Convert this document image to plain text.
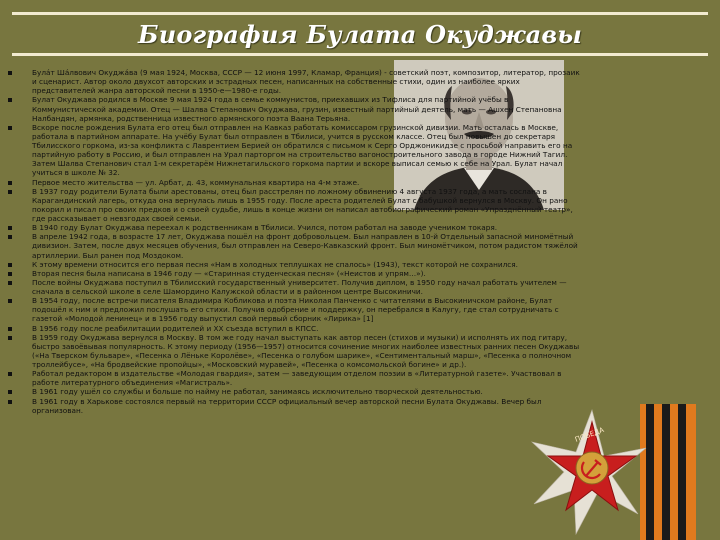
Биография Булата Окуджавы
Була́т Ша́лвович Окуджа́ва (9 мая 1924, Москва, СССР — 12 июня 1997, Кламар, Франция) - советский поэт, композитор, литератор, прозаик и сценарист. Автор около двухсот авторских и эстрадных песен, написанных на собственные стихи, один из наиболее ярких представителей жанра авторской песни в 1950-е—1980-е годы.
Булат Окуджава родился в Москве 9 мая 1924 года в семье коммунистов, приехавших из Тифлиса для партийной учёбы в Коммунистической академии. Отец — Шалва Степанович Окуджава, грузин, известный партийный деятель, мать — Ашхен Степановна Налбандян, армянка, родственница известного армянского поэта Ваана Терьяна.
Вскоре после рождения Булата его отец был отправлен на Кавказ работать комиссаром грузинской дивизии. Мать осталась в Москве, работала в партийном аппарате. На учёбу Булат был отправлен в Тбилиси, учится в русском классе. Отец был повышен до секретаря Тбилисского горкома, из-за конфликта с Лаврентием Берией он обратился с письмом к Серго Орджоникидзе с просьбой направить его на партийную работу в Россию, и был отправлен на Урал парторгом на строительство вагоностроительного завода в городе Нижний Тагил. Затем Шалва Степанович стал 1-м секретарём Нижнетагильского горкома партии и вскоре выписал семью к себе на Урал. Булат начал учиться в школе № 32.
Первое место жительства — ул. Арбат, д. 43, коммунальная квартира на 4-м этаже.
В 1937 году родители Булата были арестованы, отец был расстрелян по ложному обвинению 4 августа 1937 года, а мать сослана в Карагандинский лагерь, откуда она вернулась лишь в 1955 году. После ареста родителей Булат с бабушкой вернулся в Москву. Он рано покорил и писал про своих предков и о своей судьбе, лишь в конце жизни он написал автобиографический роман «Упразднённый театр», где рассказывает о невзгодах своей семьи.
В 1940 году Булат Окуджава переехал к родственникам в Тбилиси. Учился, потом работал на заводе учеником токаря.
В апреле 1942 года, в возрасте 17 лет, Окуджава пошёл на фронт добровольцем. Был направлен в 10-й Отдельный запасной миномётный дивизион. Затем, после двух месяцев обучения, был отправлен на Северо-Кавказский фронт. Был миномётчиком, потом радистом тяжёлой артиллерии. Был ранен под Моздоком.
К этому времени относится его первая песня «Нам в холодных теплушках не спалось» (1943), текст которой не сохранился.
Вторая песня была написана в 1946 году — «Старинная студенческая песня» («Неистов и упрям…»).
После войны Окуджава поступил в Тбилисский государственный университет. Получив диплом, в 1950 году начал работать учителем — сначала в сельской школе в селе Шамордино Калужской области и в районном центре Высокиничи.
В 1954 году, после встречи писателя Владимира Кобликова и поэта Николая Панченко с читателями в Высокиничском районе, Булат подошёл к ним и предложил послушать его стихи. Получив одобрение и поддержку, он перебрался в Калугу, где стал сотрудничать с газетой «Молодой ленинец» и в 1956 году выпустил свой первый сборник «Лирика» [1]
В 1956 году после реабилитации родителей и XX съезда вступил в КПСС.
В 1959 году Окуджава вернулся в Москву. В том же году начал выступать как автор песен (стихов и музыки) и исполнять их под гитару, быстро завоёвывая популярность. К этому периоду (1956—1957) относится сочинение многих наиболее известных ранних песен Окуджавы («На Тверском бульваре», «Песенка о Лёньке Королёве», «Песенка о голубом шарике», «Сентиментальный марш», «Песенка о полночном троллейбусе», «На бродвейские пропойцы», «Московский муравей», «Песенка о комсомольской богине» и др.).
Работал редактором в издательстве «Молодая гвардия», затем — заведующим отделом поэзии в «Литературной газете». Участвовал в работе литературного объединения «Магистраль».
В 1961 году ушёл со службы и больше по найму не работал, занимаясь исключительно творческой деятельностью.
В 1961 году в Харькове состоялся первый на территории СССР официальный вечер авторской песни Булата Окуджавы. Вечер был организован.
ПОБЕДА
